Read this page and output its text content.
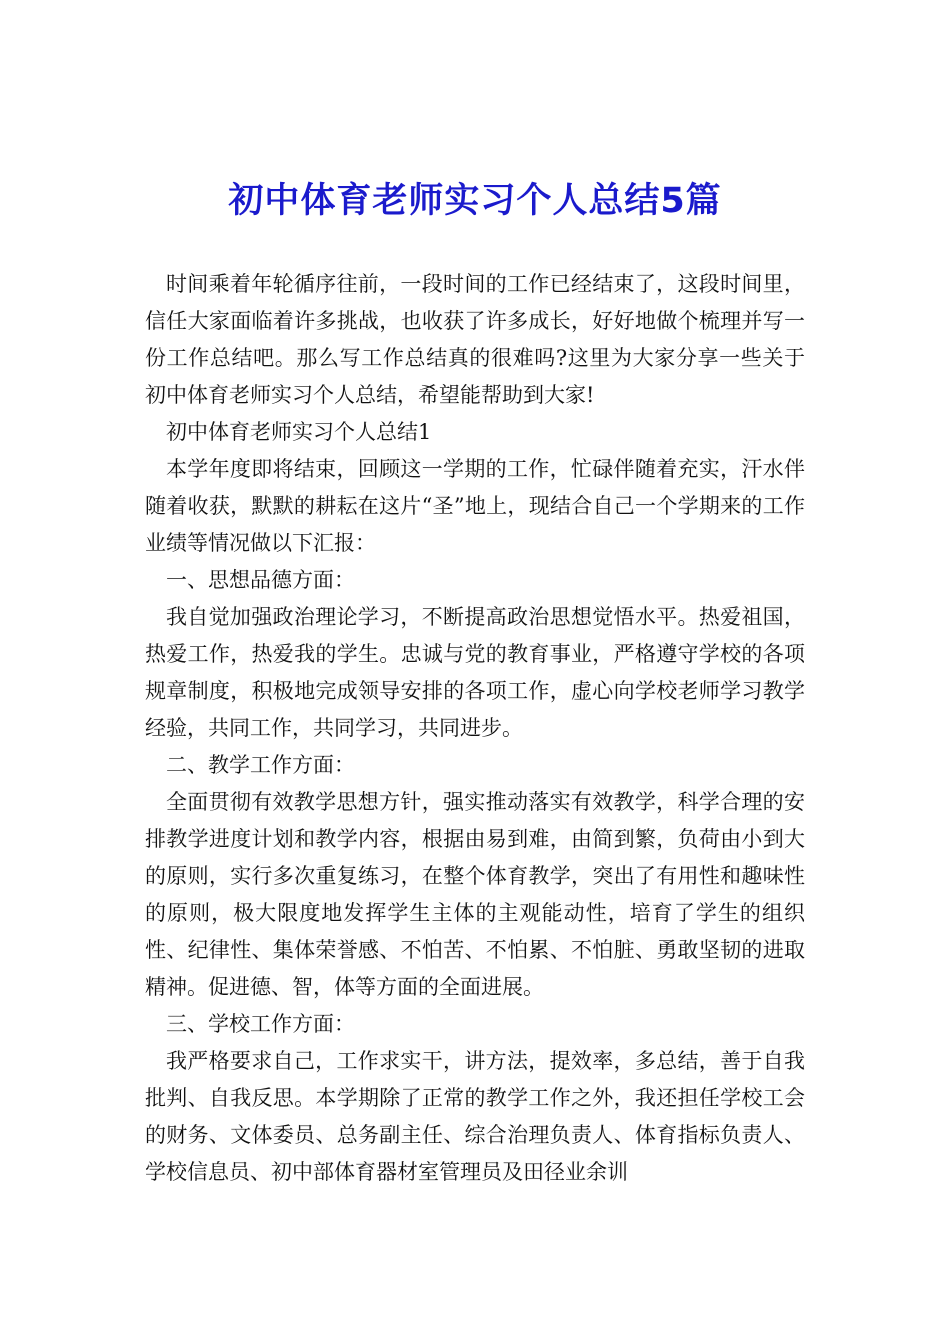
初中体育老师实习个人总结5篇

时间乘着年轮循序往前，一段时间的工作已经结束了，这段时间里，信任大家面临着许多挑战，也收获了许多成长，好好地做个梳理并写一份工作总结吧。那么写工作总结真的很难吗?这里为大家分享一些关于初中体育老师实习个人总结，希望能帮助到大家!

初中体育老师实习个人总结1

本学年度即将结束，回顾这一学期的工作，忙碌伴随着充实，汗水伴随着收获，默默的耕耘在这片“圣”地上，现结合自己一个学期来的工作业绩等情况做以下汇报：

一、思想品德方面：

我自觉加强政治理论学习，不断提高政治思想觉悟水平。热爱祖国，热爱工作，热爱我的学生。忠诚与党的教育事业，严格遵守学校的各项规章制度，积极地完成领导安排的各项工作，虚心向学校老师学习教学经验，共同工作，共同学习，共同进步。

二、教学工作方面：

全面贯彻有效教学思想方针，强实推动落实有效教学，科学合理的安排教学进度计划和教学内容，根据由易到难，由简到繁，负荷由小到大的原则，实行多次重复练习，在整个体育教学，突出了有用性和趣味性的原则，极大限度地发挥学生主体的主观能动性，培育了学生的组织性、纪律性、集体荣誉感、不怕苦、不怕累、不怕脏、勇敢坚韧的进取精神。促进德、智，体等方面的全面进展。

三、学校工作方面：

我严格要求自己，工作求实干，讲方法，提效率，多总结，善于自我批判、自我反思。本学期除了正常的教学工作之外，我还担任学校工会的财务、文体委员、总务副主任、综合治理负责人、体育指标负责人、学校信息员、初中部体育器材室管理员及田径业余训
